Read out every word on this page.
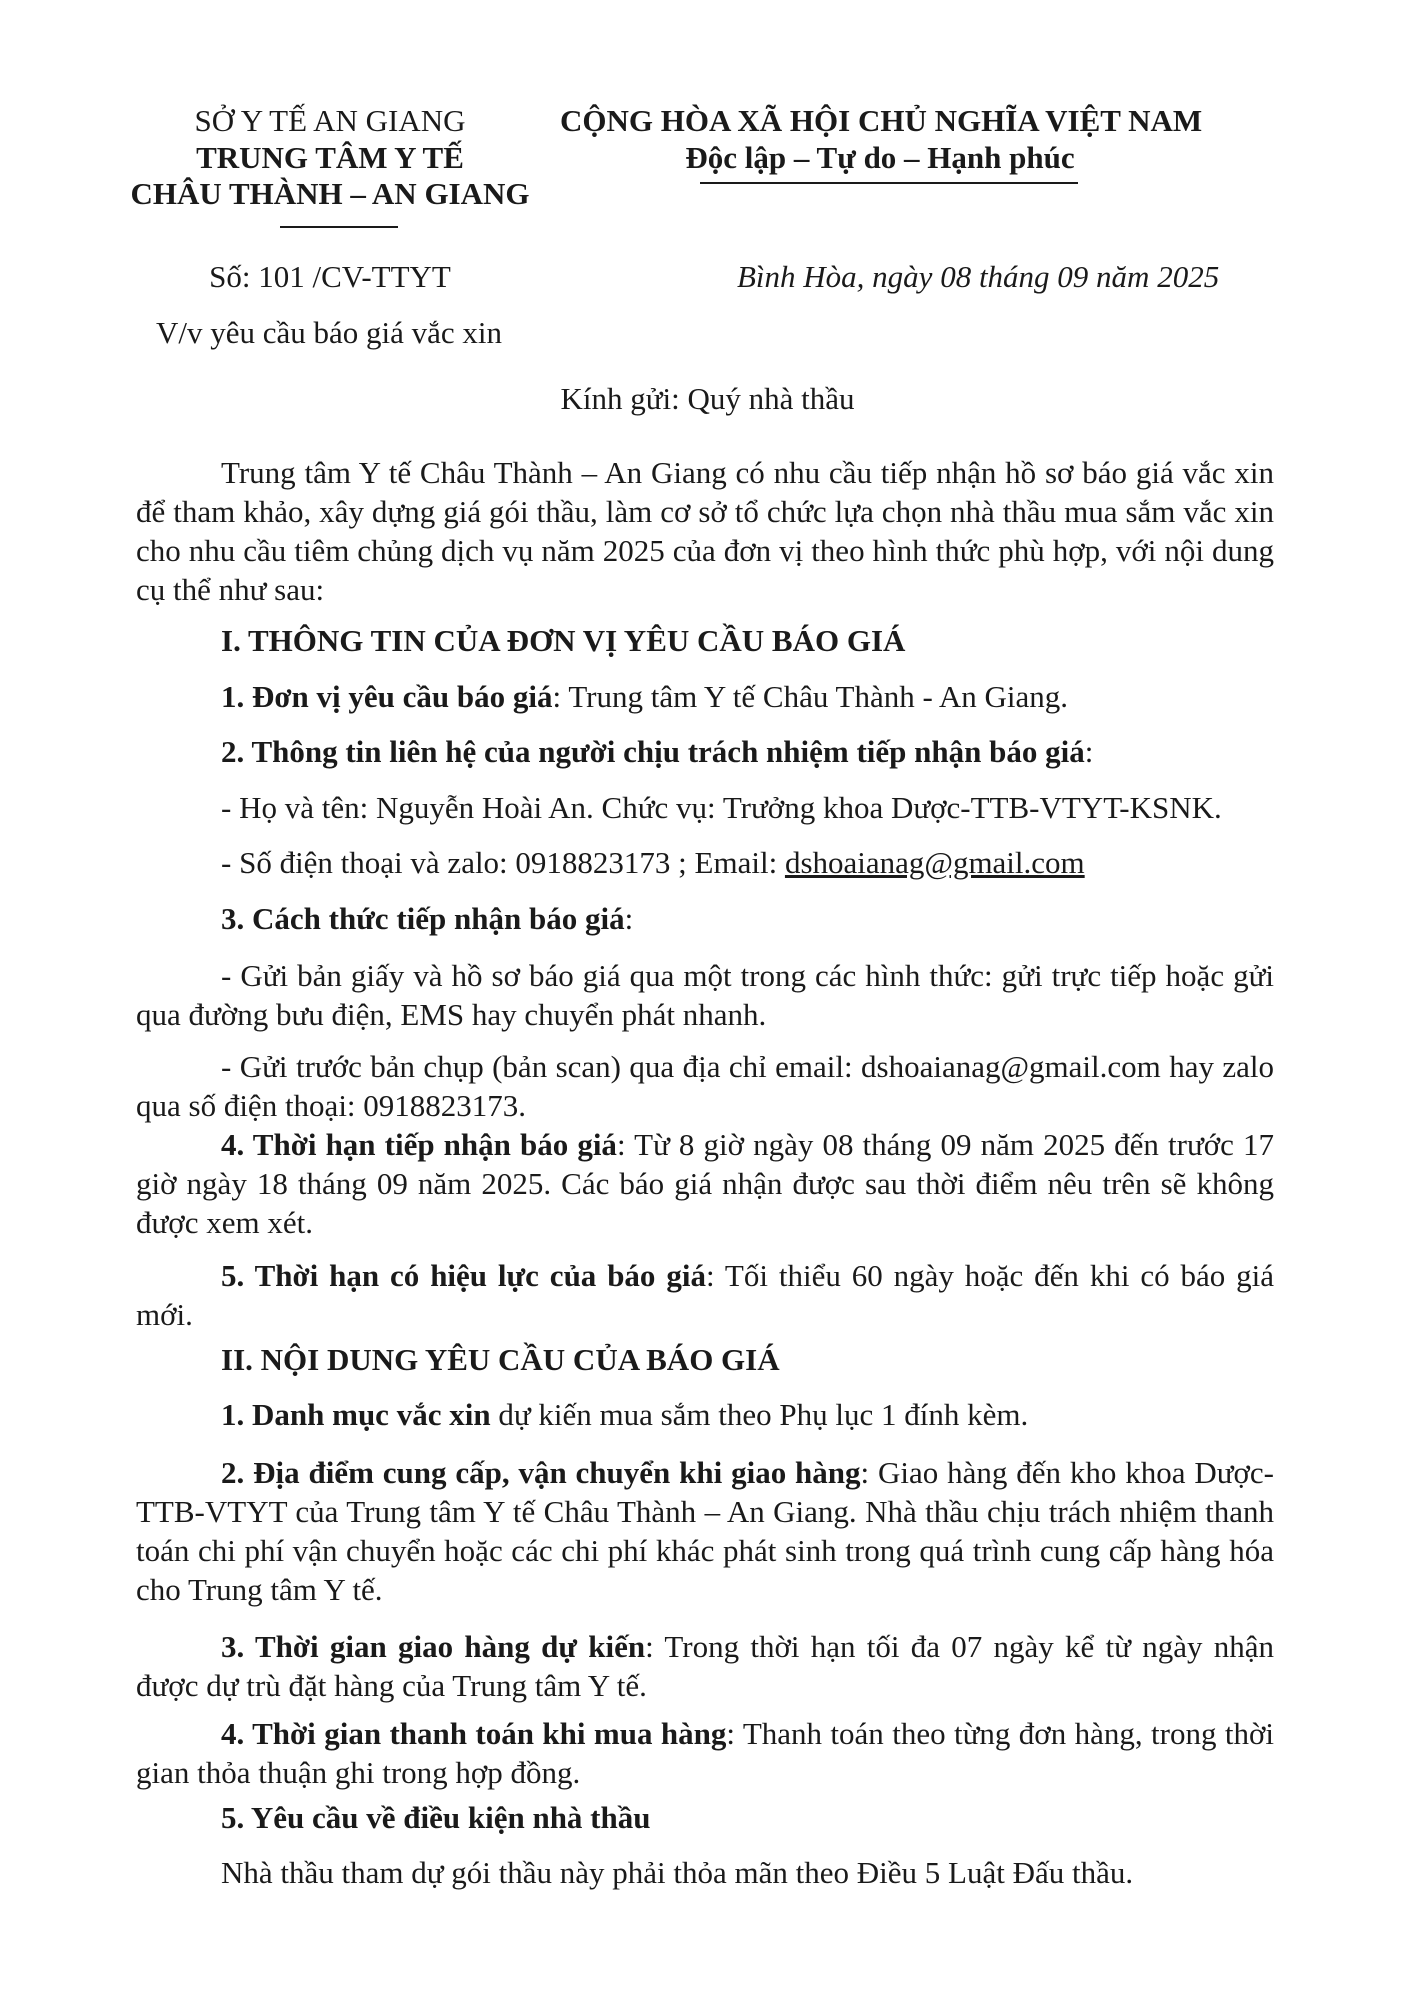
SỞ Y TẾ AN GIANG
TRUNG TÂM Y TẾ
CHÂU THÀNH – AN GIANG
CỘNG HÒA XÃ HỘI CHỦ NGHĨA VIỆT NAM
Độc lập – Tự do – Hạnh phúc
Số: 101 /CV-TTYT	Bình Hòa, ngày 08 tháng 09 năm 2025
V/v yêu cầu báo giá vắc xin
Kính gửi: Quý nhà thầu
Trung tâm Y tế Châu Thành – An Giang có nhu cầu tiếp nhận hồ sơ báo giá vắc xin để tham khảo, xây dựng giá gói thầu, làm cơ sở tổ chức lựa chọn nhà thầu mua sắm vắc xin cho nhu cầu tiêm chủng dịch vụ năm 2025 của đơn vị theo hình thức phù hợp, với nội dung cụ thể như sau:
I. THÔNG TIN CỦA ĐƠN VỊ YÊU CẦU BÁO GIÁ
1. Đơn vị yêu cầu báo giá: Trung tâm Y tế Châu Thành - An Giang.
2. Thông tin liên hệ của người chịu trách nhiệm tiếp nhận báo giá:
- Họ và tên: Nguyễn Hoài An. Chức vụ: Trưởng khoa Dược-TTB-VTYT-KSNK.
- Số điện thoại và zalo: 0918823173 ; Email: dshoaianag@gmail.com
3. Cách thức tiếp nhận báo giá:
- Gửi bản giấy và hồ sơ báo giá qua một trong các hình thức: gửi trực tiếp hoặc gửi qua đường bưu điện, EMS hay chuyển phát nhanh.
- Gửi trước bản chụp (bản scan) qua địa chỉ email: dshoaianag@gmail.com hay zalo qua số điện thoại: 0918823173.
4. Thời hạn tiếp nhận báo giá: Từ 8 giờ ngày 08 tháng 09 năm 2025 đến trước 17 giờ ngày 18 tháng 09 năm 2025. Các báo giá nhận được sau thời điểm nêu trên sẽ không được xem xét.
5. Thời hạn có hiệu lực của báo giá: Tối thiểu 60 ngày hoặc đến khi có báo giá mới.
II. NỘI DUNG YÊU CẦU CỦA BÁO GIÁ
1. Danh mục vắc xin dự kiến mua sắm theo Phụ lục 1 đính kèm.
2. Địa điểm cung cấp, vận chuyển khi giao hàng: Giao hàng đến kho khoa Dược-TTB-VTYT của Trung tâm Y tế Châu Thành – An Giang. Nhà thầu chịu trách nhiệm thanh toán chi phí vận chuyển hoặc các chi phí khác phát sinh trong quá trình cung cấp hàng hóa cho Trung tâm Y tế.
3. Thời gian giao hàng dự kiến: Trong thời hạn tối đa 07 ngày kể từ ngày nhận được dự trù đặt hàng của Trung tâm Y tế.
4. Thời gian thanh toán khi mua hàng: Thanh toán theo từng đơn hàng, trong thời gian thỏa thuận ghi trong hợp đồng.
5. Yêu cầu về điều kiện nhà thầu
Nhà thầu tham dự gói thầu này phải thỏa mãn theo Điều 5 Luật Đấu thầu.
